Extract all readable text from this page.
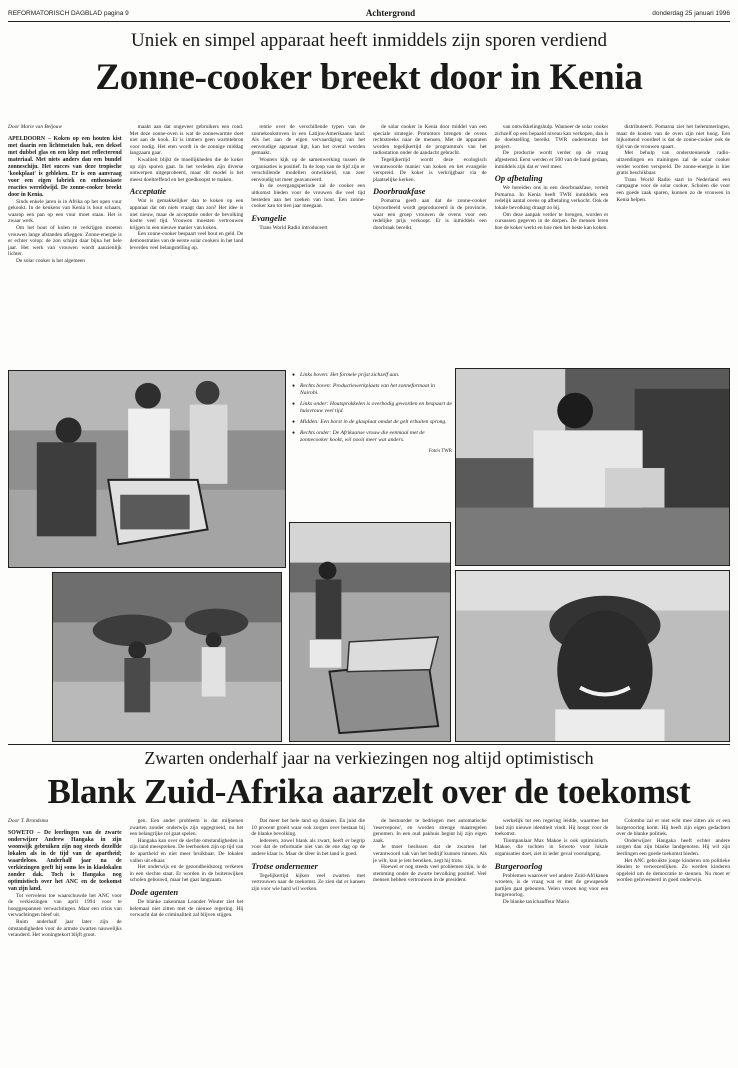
REFORMATORISCH DAGBLAD pagina 9	Achtergrond	donderdag 25 januari 1996
Uniek en simpel apparaat heeft inmiddels zijn sporen verdiend
Zonne-cooker breekt door in Kenia

Door Marie van Beljouw

APELDOORN – Koken op een houten kist met daarin een lichtmetalen bak, een deksel met dubbel glas en een klep met reflecterend materiaal. Met niets anders dan een bundel zonneschijn. Het succes van deze tropische 'kookplaat' is gebleken. Er is een aanvraag voor een eigen fabriek en enthousiaste reacties wereldwijd. De zonne-cooker breekt door in Kenia.

Sinds enkele jaren is in Afrika op het open vuur gekookt. In de keukens van Kenia is hout schaars, waarop een pan op een vuur moet staan. Het is zwaar werk.

Om het hout of kolen te verkrijgen moeten vrouwen lange afstanden afleggen. Zonne-energie is er echter volop: de zon schijnt daar bijna het hele jaar. Het werk van vrouwen wordt aanzienlijk lichter.

De solar cooker is het algemeen

maakt aan dat ongeveer gebruikers een rond. Met deze zonne-oven is wat de zonnewarmte doet niet aan de kook. Er is immers geen warmtebron voor nodig. Het eten wordt in de zonnige middag langzaam gaar.

Kwaliteit blijkt de moeilijkheden die de koker op zijn sporen gaat. In het verleden zijn diverse ontwerpen uitgeprobeerd, maar dit model is het meest doeltreffend en het goedkoopst te maken.

Acceptatie

Wat is gemakkelijker dan te koken op een apparaat dat om niets vraagt dan zon? Het idee is niet nieuw, maar de acceptatie onder de bevolking kostte veel tijd. Vrouwen moesten vertrouwen krijgen in een nieuwe manier van koken.

Een zonne-cooker bespaart veel hout en geld. De demonstraties van de eerste solar cookers in het land leverden veel belangstelling op.

rentie over de verschillende typen van de zonnekookstoven in een Latijns-Amerikaans land. Als het aan de eigen vervaardiging van het eenvoudige apparaat ligt, kan het overal worden gemaakt.

Wouters kijk op de samenwerking tussen de organisaties is positief. In de loop van de tijd zijn er verschillende modellen ontwikkeld, van zeer eenvoudig tot meer geavanceerd.

In de overgangsperiode zal de cooker een uitkomst bieden voor de vrouwen die veel tijd besteden aan het zoeken van hout. Een zonne-cooker kan tot tien jaar meegaan.

Evangelie

Trans World Radio introduceert

de solar cooker in Kenia door middel van een speciale strategie. Promotors brengen de ovens rechtstreeks naar de mensen. Met de apparaten worden tegelijkertijd de programma's van het radiostation onder de aandacht gebracht.

Tegelijkertijd wordt deze ecologisch verantwoorde manier van koken en het evangelie verspreid. De koker is verkrijgbaar via de plaatselijke kerken.

Doorbraakfase

Pomarna geeft aan dat de zonne-cooker bijvoorbeeld wordt geproduceerd in de provincie, waar een groep vrouwen de ovens voor een redelijke prijs verkoopt. Er is inmiddels een doorbraak bereikt.

van ontwikkelingshulp. Wanneer de solar cooker zichzelf op een bepaald niveau kan verkopen, dan is de doelstelling bereikt. TWR ondersteunt het project.

De productie wordt verder op de vraag afgestemd. Eerst werden er 500 van de hand gedaan, inmiddels zijn dat er veel meer.

Op afbetaling

We bereiden ons in een doorbraakfase, vertelt Pomarna. In Kenia heeft TWR inmiddels een redelijk aantal ovens op afbetaling verkocht. Ook de lokale bevolking draagt zo bij.

Om deze aanpak verder te brengen, worden er cursussen gegeven in de dorpen. De mensen leren hoe de koker werkt en hoe men het beste kan koken.

distributeerd. Pomarna ziet het belemmeringen, maar de kosten van de oven zijn niet hoog. Een bijkomend voordeel is dat de zonne-cooker ook de tijd van de vrouwen spaart.

Met behulp van ondersteunende radio-uitzendingen en trainingen zal de solar cooker verder worden verspreid. De zonne-energie is hier gratis beschikbaar.

Trans World Radio start in Nederland een campagne voor de solar cooker. Scholen die voor een goede zaak sparen, kunnen zo de vrouwen in Kenia helpen.

● Links boven: Het formele prijst zichzelf aan.
● Rechts boven: Productiewerkplaats van het zonneformaat in Nairobi.
● Links onder: Houtsprokkelen is overbodig geworden en bespaart de huisvrouw veel tijd.
● Midden: Een borst in de glasplaat omdat de gelt erbuiten sprong.
● Rechts onder: De Afrikaanse vrouw die eenmaal met de zonnecooker kookt, wil nooit meer wat anders.
Foto's TWR
Zwarten onderhalf jaar na verkiezingen nog altijd optimistisch
Blank Zuid-Afrika aarzelt over de toekomst

Door T. Brandsma

SOWETO – De leerlingen van de zwarte onderwijzer Andrew Hangaka in zijn woonwijk gebruiken zijn nog steeds dezelfde lokalen als in de tijd van de apartheid; waardeloos. Anderhalf jaar na de verkiezingen geeft hij soms les in klaslokalen zonder dak. Toch is Hangaka nog optimistisch over het ANC en de toekomst van zijn land.

Tot vervelens toe waarschuwde het ANC voor de verkiezingen van april 1994 voor te hooggespannen verwachtingen. Maar een crisis van verwachtingen bleef uit.

Ruim anderhalf jaar later zijn de omstandigheden voor de armste zwarten nauwelijks veranderd. Het woningtekort blijft groot.

gen. Een ander probleem is dat miljoenen zwarten zonder onderwijs zijn opgegroeid, nu het een belangrijke rol gaat spelen.

Hangaka kan over de slechte omstandigheden in zijn land meespreken. De leerboeken zijn op tijd van de apartheid en niet meer bruikbaar. De lokalen vallen uit elkaar.

Het onderwijs en de gezondheidszorg verkeren in een slechte staat. Er worden in de buitenwijken scholen gebouwd, maar het gaat langzaam.

Dode agenten

De blanke zakenman Leander Wouter ziet het helemaal niet zitten met de nieuwe regering. Hij verwacht dat de criminaliteit zal blijven stijgen.

Dat meer het hele land op draaien. En juist die 10 procent groeit waar ook zorgen over bestaan bij de blanke bevolking.

Iedereen, zowel blank als zwart, heeft er begrip voor dat de reformatie niet van de ene dag op de andere klaar is. Maar de sfeer in het land is goed.

Trotse ondernemer

Tegelijkertijd kijken veel zwarten met vertrouwen naar de toekomst. Ze zien dat er kansen zijn voor wie hard wil werken.

de bestuurder te bedriegen met automatische 'reservepons', en worden strenge maatregelen genomen. In een oud pakhuis begint hij zijn eigen zaak.

Je moet beslissen dat de zwarten het verantwoord vak van het bedrijf kunnen runnen. Als je wilt, kun je iets bereiken, zegt hij trots.

Hoewel er nog steeds veel problemen zijn, is de stemming onder de zwarte bevolking positief. Veel mensen hebben vertrouwen in de president.

werkelijk tot een regering leidde, waarmee het land zijn nieuwe identiteit vindt. Hij hoopt voor de toekomst.

Tiiompanlaar Max Makoe is ook optimistisch. Makoe, die tochten in Soweto voor lokale organisaties doet, ziet in ieder geval vooruitgang.

Burgeroorlog

Problemen waarover wel andere Zuid-Afrikanen wroeten, is de vraag wat er met de gewapende partijen gaat gebeuren. Velen vrezen nog voor een burgeroorlog.

De blanke taxichauffeur Mario

Colombo zal er niet echt mee zitten als er een burgeroorlog komt. Hij heeft zijn eigen gedachten over de blanke politiek.

Onderwijzer Hangaka heeft echter andere zorgen dan zijn blanke landgenoten. Hij wil zijn leerlingen een goede toekomst bieden.

Het ANC gebruikte jonge kinderen om politieke idealen te verwezenlijken. Zo werden kinderen opgeleid om de democratie te steunen. Nu moet er worden geïnvesteerd in goed onderwijs.
